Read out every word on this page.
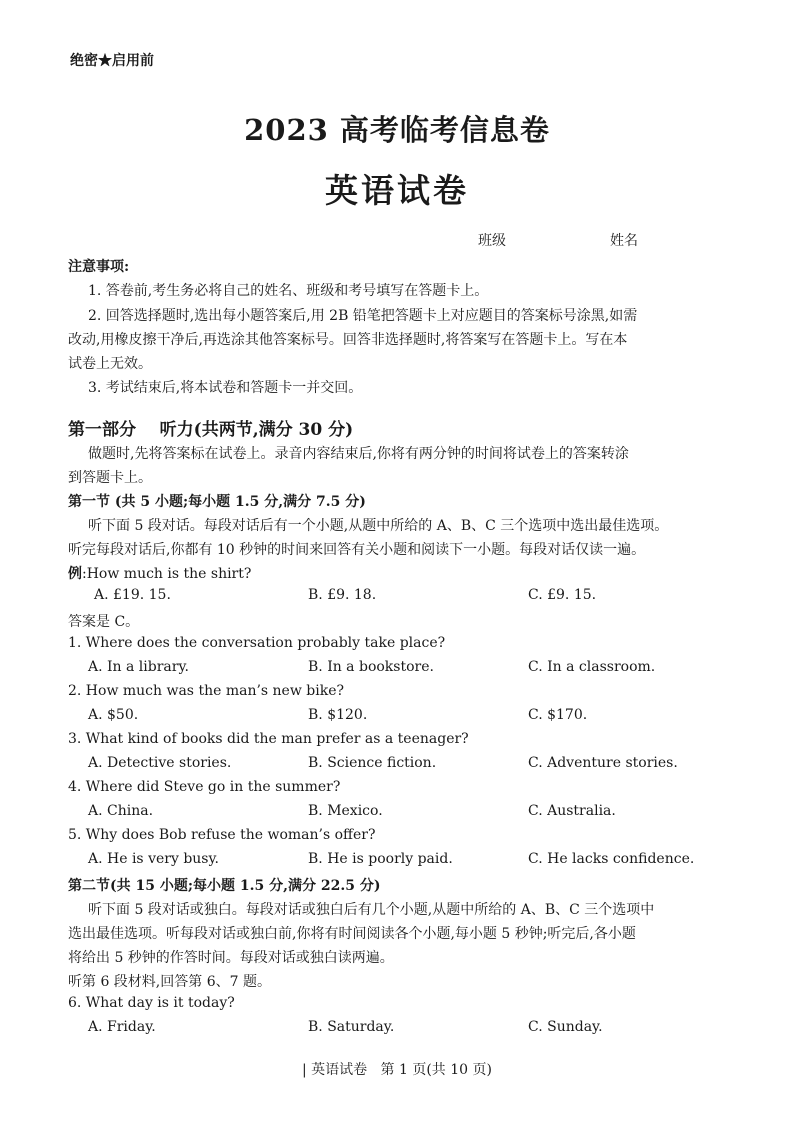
绝密★启用前
2023 高考临考信息卷
英语试卷
班级	姓名
注意事项:
1. 答卷前,考生务必将自己的姓名、班级和考号填写在答题卡上。
2. 回答选择题时,选出每小题答案后,用 2B 铅笔把答题卡上对应题目的答案标号涂黑,如需
改动,用橡皮擦干净后,再选涂其他答案标号。回答非选择题时,将答案写在答题卡上。写在本
试卷上无效。
3. 考试结束后,将本试卷和答题卡一并交回。
第一部分    听力(共两节,满分 30 分)
做题时,先将答案标在试卷上。录音内容结束后,你将有两分钟的时间将试卷上的答案转涂
到答题卡上。
第一节 (共 5 小题;每小题 1.5 分,满分 7.5 分)
听下面 5 段对话。每段对话后有一个小题,从题中所给的 A、B、C 三个选项中选出最佳选项。
听完每段对话后,你都有 10 秒钟的时间来回答有关小题和阅读下一小题。每段对话仅读一遍。
例:How much is the shirt?
A. £19. 15.	B. £9. 18.	C. £9. 15.
答案是 C。
1. Where does the conversation probably take place?
A. In a library.	B. In a bookstore.	C. In a classroom.
2. How much was the man’s new bike?
A. $50.	B. $120.	C. $170.
3. What kind of books did the man prefer as a teenager?
A. Detective stories.	B. Science fiction.	C. Adventure stories.
4. Where did Steve go in the summer?
A. China.	B. Mexico.	C. Australia.
5. Why does Bob refuse the woman’s offer?
A. He is very busy.	B. He is poorly paid.	C. He lacks confidence.
第二节(共 15 小题;每小题 1.5 分,满分 22.5 分)
听下面 5 段对话或独白。每段对话或独白后有几个小题,从题中所给的 A、B、C 三个选项中
选出最佳选项。听每段对话或独白前,你将有时间阅读各个小题,每小题 5 秒钟;听完后,各小题
将给出 5 秒钟的作答时间。每段对话或独白读两遍。
听第 6 段材料,回答第 6、7 题。
6. What day is it today?
A. Friday.	B. Saturday.	C. Sunday.
| 英语试卷   第 1 页(共 10 页)
